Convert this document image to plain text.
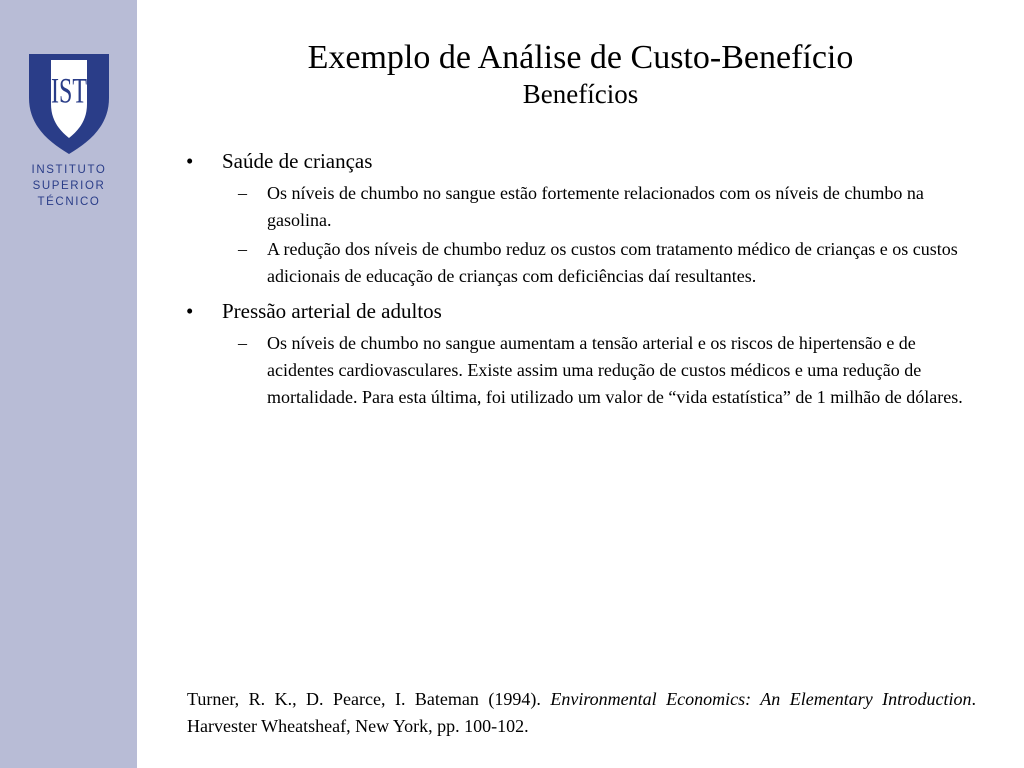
IST
INSTITUTO
SUPERIOR
TÉCNICO
Exemplo de Análise de Custo-Benefício
Benefícios
• Saúde de crianças
– Os níveis de chumbo no sangue estão fortemente relacionados com os níveis de chumbo na gasolina.
– A redução dos níveis de chumbo reduz os custos com tratamento médico de crianças e os custos adicionais de educação de crianças com deficiências daí resultantes.
• Pressão arterial de adultos
– Os níveis de chumbo no sangue aumentam a tensão arterial e os riscos de hipertensão e de acidentes cardiovasculares. Existe assim uma redução de custos médicos e uma redução de mortalidade. Para esta última, foi utilizado um valor de “vida estatística” de 1 milhão de dólares.
Turner, R. K., D. Pearce, I. Bateman (1994). Environmental Economics: An Elementary Introduction. Harvester Wheatsheaf, New York, pp. 100-102.
